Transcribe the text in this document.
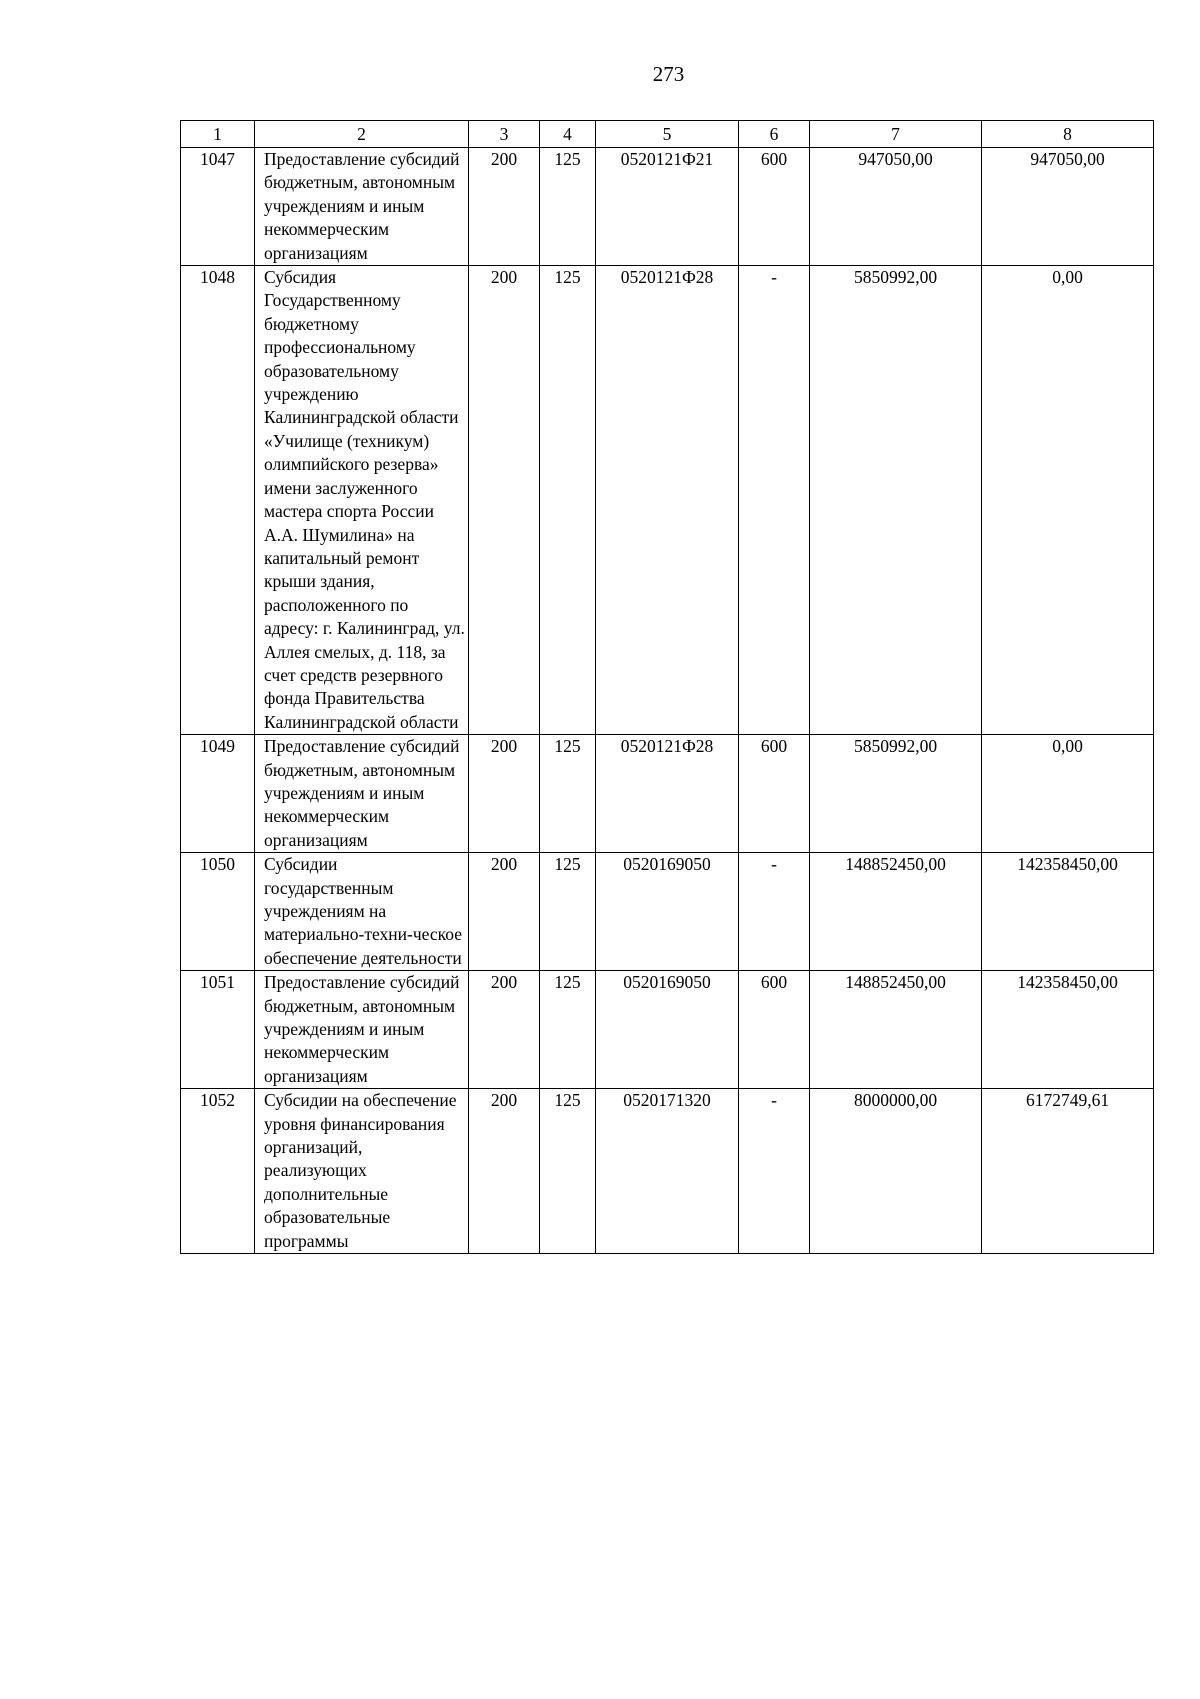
273
1	2	3	4	5	6	7	8
1047	Предоставление субсидий бюджетным, автономным учреждениям и иным некоммерческим организациям	200	125	0520121Ф21	600	947050,00	947050,00
1048	Субсидия Государственному бюджетному профессиональному образовательному учреждению Калининградской области «Училище (техникум) олимпийского резерва» имени заслуженного мастера спорта России А.А. Шумилина» на капитальный ремонт крыши здания, расположенного по адресу: г. Калининград, ул. Аллея смелых, д. 118, за счет средств резервного фонда Правительства Калининградской области	200	125	0520121Ф28	-	5850992,00	0,00
1049	Предоставление субсидий бюджетным, автономным учреждениям и иным некоммерческим организациям	200	125	0520121Ф28	600	5850992,00	0,00
1050	Субсидии государственным учреждениям на материально-техни-ческое обеспечение деятельности	200	125	0520169050	-	148852450,00	142358450,00
1051	Предоставление субсидий бюджетным, автономным учреждениям и иным некоммерческим организациям	200	125	0520169050	600	148852450,00	142358450,00
1052	Субсидии на обеспечение уровня финансирования организаций, реализующих дополнительные образовательные программы	200	125	0520171320	-	8000000,00	6172749,61
